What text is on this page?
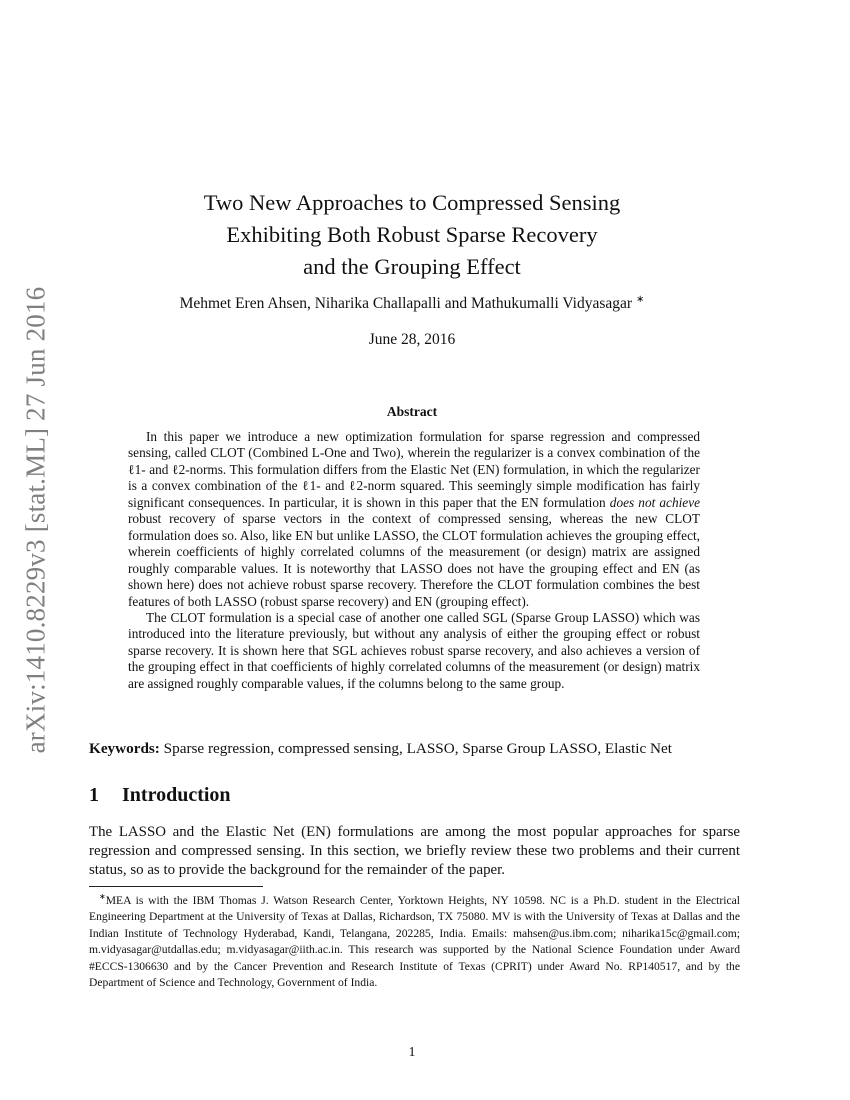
arXiv:1410.8229v3 [stat.ML] 27 Jun 2016
Two New Approaches to Compressed Sensing
Exhibiting Both Robust Sparse Recovery
and the Grouping Effect
Mehmet Eren Ahsen, Niharika Challapalli and Mathukumalli Vidyasagar ∗
June 28, 2016
Abstract

In this paper we introduce a new optimization formulation for sparse regression and compressed sensing, called CLOT (Combined L-One and Two), wherein the regularizer is a convex combination of the ℓ1- and ℓ2-norms. This formulation differs from the Elastic Net (EN) formulation, in which the regularizer is a convex combination of the ℓ1- and ℓ2-norm squared. This seemingly simple modification has fairly significant consequences. In particular, it is shown in this paper that the EN formulation does not achieve robust recovery of sparse vectors in the context of compressed sensing, whereas the new CLOT formulation does so. Also, like EN but unlike LASSO, the CLOT formulation achieves the grouping effect, wherein coefficients of highly correlated columns of the measurement (or design) matrix are assigned roughly comparable values. It is noteworthy that LASSO does not have the grouping effect and EN (as shown here) does not achieve robust sparse recovery. Therefore the CLOT formulation combines the best features of both LASSO (robust sparse recovery) and EN (grouping effect).

The CLOT formulation is a special case of another one called SGL (Sparse Group LASSO) which was introduced into the literature previously, but without any analysis of either the grouping effect or robust sparse recovery. It is shown here that SGL achieves robust sparse recovery, and also achieves a version of the grouping effect in that coefficients of highly correlated columns of the measurement (or design) matrix are assigned roughly comparable values, if the columns belong to the same group.

Keywords: Sparse regression, compressed sensing, LASSO, Sparse Group LASSO, Elastic Net
1 Introduction

The LASSO and the Elastic Net (EN) formulations are among the most popular approaches for sparse regression and compressed sensing. In this section, we briefly review these two problems and their current status, so as to provide the background for the remainder of the paper.

∗MEA is with the IBM Thomas J. Watson Research Center, Yorktown Heights, NY 10598. NC is a Ph.D. student in the Electrical Engineering Department at the University of Texas at Dallas, Richardson, TX 75080. MV is with the University of Texas at Dallas and the Indian Institute of Technology Hyderabad, Kandi, Telangana, 202285, India. Emails: mahsen@us.ibm.com; niharika15c@gmail.com; m.vidyasagar@utdallas.edu; m.vidyasagar@iith.ac.in. This research was supported by the National Science Foundation under Award #ECCS-1306630 and by the Cancer Prevention and Research Institute of Texas (CPRIT) under Award No. RP140517, and by the Department of Science and Technology, Government of India.

1
